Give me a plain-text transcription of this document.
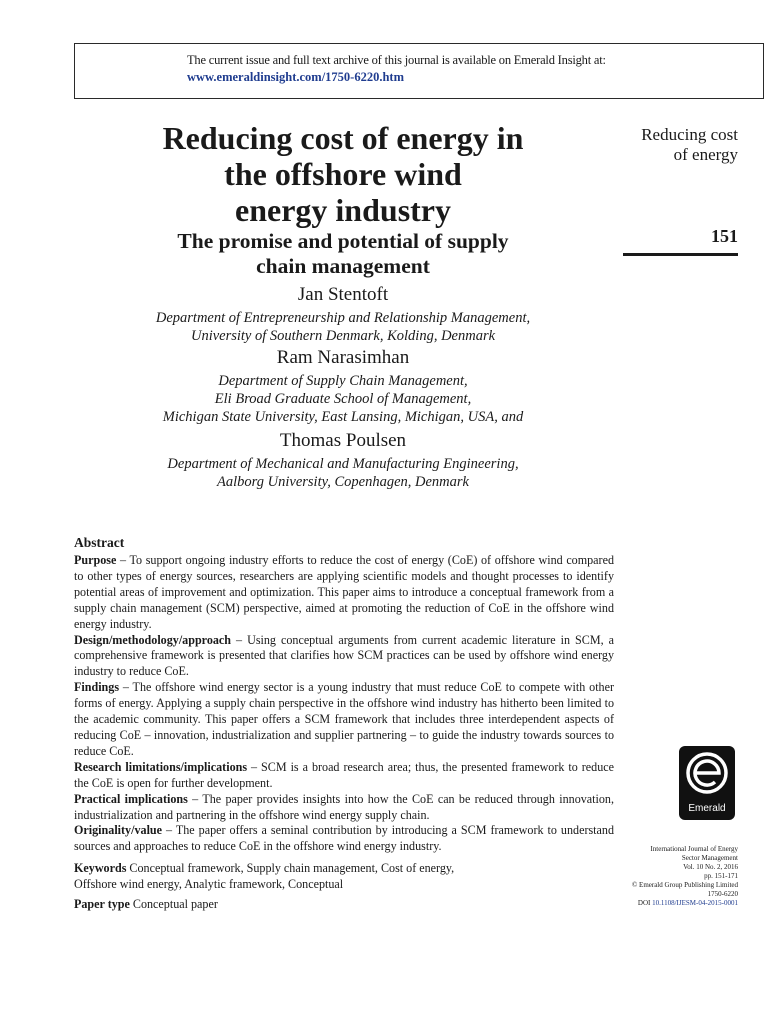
The current issue and full text archive of this journal is available on Emerald Insight at:
www.emeraldinsight.com/1750-6220.htm
Reducing cost of energy in
the offshore wind
energy industry
The promise and potential of supply
chain management
Jan Stentoft
Department of Entrepreneurship and Relationship Management,
University of Southern Denmark, Kolding, Denmark
Ram Narasimhan
Department of Supply Chain Management,
Eli Broad Graduate School of Management,
Michigan State University, East Lansing, Michigan, USA, and
Thomas Poulsen
Department of Mechanical and Manufacturing Engineering,
Aalborg University, Copenhagen, Denmark
Reducing cost
of energy
151
Abstract

Purpose – To support ongoing industry efforts to reduce the cost of energy (CoE) of offshore wind compared to other types of energy sources, researchers are applying scientific models and thought processes to identify potential areas of improvement and optimization. This paper aims to introduce a conceptual framework from a supply chain management (SCM) perspective, aimed at promoting the reduction of CoE in the offshore wind energy industry.

Design/methodology/approach – Using conceptual arguments from current academic literature in SCM, a comprehensive framework is presented that clarifies how SCM practices can be used by offshore wind energy industry to reduce CoE.

Findings – The offshore wind energy sector is a young industry that must reduce CoE to compete with other forms of energy. Applying a supply chain perspective in the offshore wind industry has hitherto been limited to the academic community. This paper offers a SCM framework that includes three interdependent aspects of reducing CoE – innovation, industrialization and supplier partnering – to guide the industry towards sources to reduce CoE.

Research limitations/implications – SCM is a broad research area; thus, the presented framework to reduce the CoE is open for further development.

Practical implications – The paper provides insights into how the CoE can be reduced through innovation, industrialization and partnering in the offshore wind energy supply chain.

Originality/value – The paper offers a seminal contribution by introducing a SCM framework to understand sources and approaches to reduce CoE in the offshore wind energy industry.

Keywords Conceptual framework, Supply chain management, Cost of energy,
Offshore wind energy, Analytic framework, Conceptual
Paper type Conceptual paper
Emerald
International Journal of Energy
Sector Management
Vol. 10 No. 2, 2016
pp. 151-171
© Emerald Group Publishing Limited
1750-6220
DOI 10.1108/IJESM-04-2015-0001
